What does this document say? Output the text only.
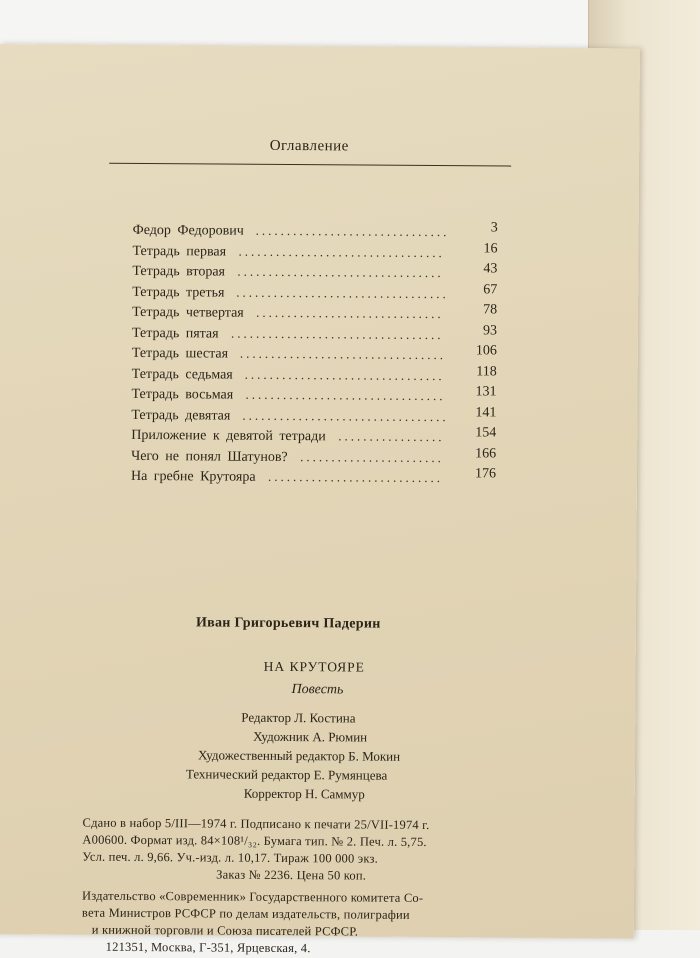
Оглавление
Федор Федорович ...............................	3
Тетрадь первая .................................	16
Тетрадь вторая .................................	43
Тетрадь третья .................................. 67
Тетрадь четвертая ..............................	78
Тетрадь пятая ..................................	93
Тетрадь шестая ................................. 106
Тетрадь седьмая ................................ 118
Тетрадь восьмая ................................ 131
Тетрадь девятая ................................. 141
Приложение к девятой тетради ................. 154
Чего не понял Шатунов? ....................... 166
На гребне Крутояра ............................ 176
Иван Григорьевич Падерин
НА КРУТОЯРЕ
Повесть
Редактор Л. Костина
Художник А. Рюмин
Художественный редактор Б. Мокин
Технический редактор Е. Румянцева
Корректор Н. Саммур
Сдано в набор 5/III—1974 г. Подписано к печати 25/VII-1974 г.
А00600. Формат изд. 84×108¹/₃₂. Бумага тип. № 2. Печ. л. 5,75.
Усл. печ. л. 9,66. Уч.-изд. л. 10,17. Тираж 100 000 экз.
Заказ № 2236. Цена 50 коп.
Издательство «Современник» Государственного комитета Со-
вета Министров РСФСР по делам издательств, полиграфии
и книжной торговли и Союза писателей РСФСР.
121351, Москва, Г-351, Ярцевская, 4.
